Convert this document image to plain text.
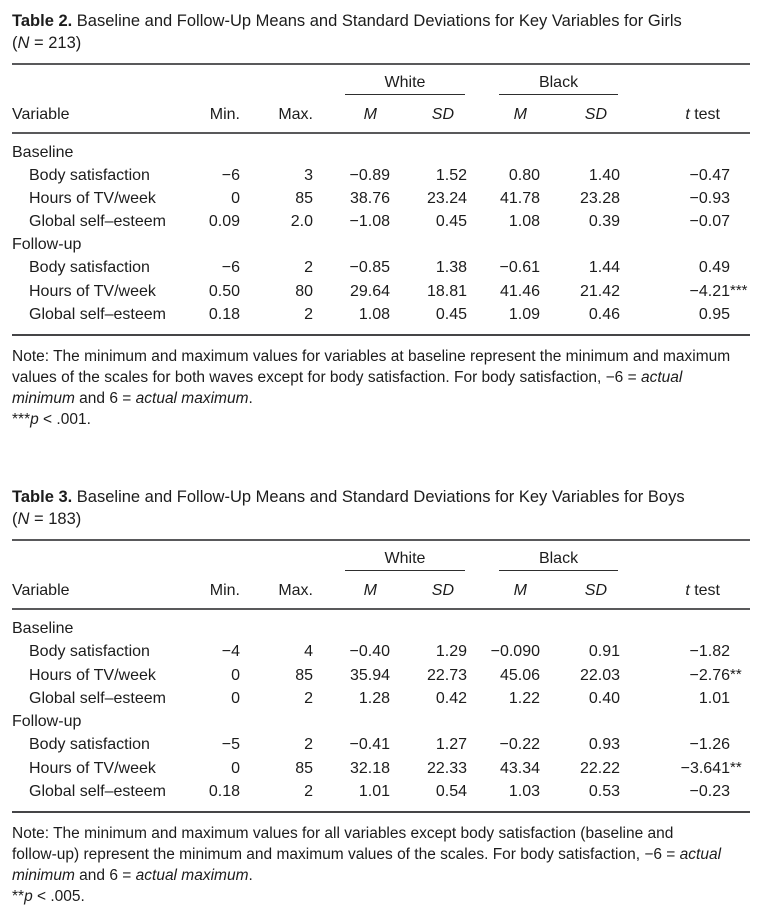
Table 2. Baseline and Follow-Up Means and Standard Deviations for Key Variables for Girls
(N = 213)

			White		Black		

Variable	Min.	Max.	M	SD	M	SD	t test
Baseline							
Body satisfaction	−6	3	−0.89	1.52	0.80	1.40	−0.47
Hours of TV/week	0	85	38.76	23.24	41.78	23.28	−0.93
Global self–esteem	0.09	2.0	−1.08	0.45	1.08	0.39	−0.07
Follow-up							
Body satisfaction	−6	2	−0.85	1.38	−0.61	1.44	0.49
Hours of TV/week	0.50	80	29.64	18.81	41.46	21.42	−4.21***
Global self–esteem	0.18	2	1.08	0.45	1.09	0.46	0.95

Note: The minimum and maximum values for variables at baseline represent the minimum and maximum
values of the scales for both waves except for body satisfaction. For body satisfaction, −6 = actual
minimum and 6 = actual maximum.

***p < .001.

Table 3. Baseline and Follow-Up Means and Standard Deviations for Key Variables for Boys
(N = 183)

			White		Black		

Variable	Min.	Max.	M	SD	M	SD	t test
Baseline							
Body satisfaction	−4	4	−0.40	1.29	−0.090	0.91	−1.82
Hours of TV/week	0	85	35.94	22.73	45.06	22.03	−2.76**
Global self–esteem	0	2	1.28	0.42	1.22	0.40	1.01
Follow-up							
Body satisfaction	−5	2	−0.41	1.27	−0.22	0.93	−1.26
Hours of TV/week	0	85	32.18	22.33	43.34	22.22	−3.641**
Global self–esteem	0.18	2	1.01	0.54	1.03	0.53	−0.23

Note: The minimum and maximum values for all variables except body satisfaction (baseline and
follow-up) represent the minimum and maximum values of the scales. For body satisfaction, −6 = actual
minimum and 6 = actual maximum.

**p < .005.
